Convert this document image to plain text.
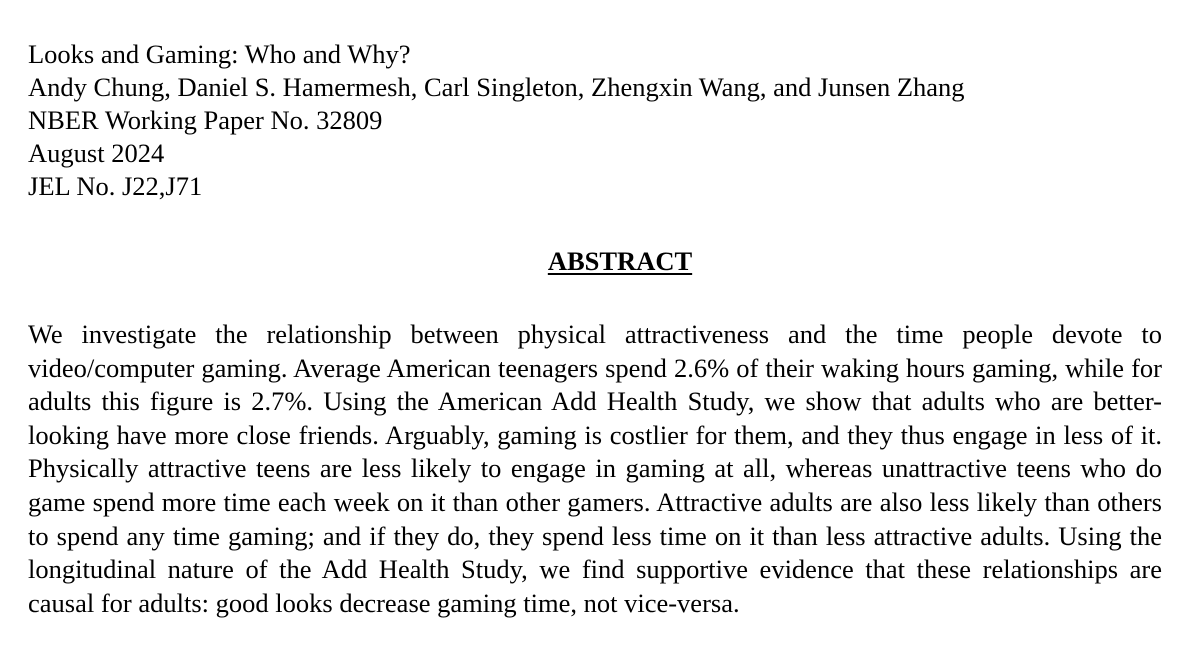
Looks and Gaming: Who and Why?
Andy Chung, Daniel S. Hamermesh, Carl Singleton, Zhengxin Wang, and Junsen Zhang
NBER Working Paper No. 32809
August 2024
JEL No. J22,J71
ABSTRACT
We investigate the relationship between physical attractiveness and the time people devote to video/computer gaming. Average American teenagers spend 2.6% of their waking hours gaming, while for adults this figure is 2.7%. Using the American Add Health Study, we show that adults who are better-looking have more close friends. Arguably, gaming is costlier for them, and they thus engage in less of it. Physically attractive teens are less likely to engage in gaming at all, whereas unattractive teens who do game spend more time each week on it than other gamers. Attractive adults are also less likely than others to spend any time gaming; and if they do, they spend less time on it than less attractive adults. Using the longitudinal nature of the Add Health Study, we find supportive evidence that these relationships are causal for adults: good looks decrease gaming time, not vice-versa.
